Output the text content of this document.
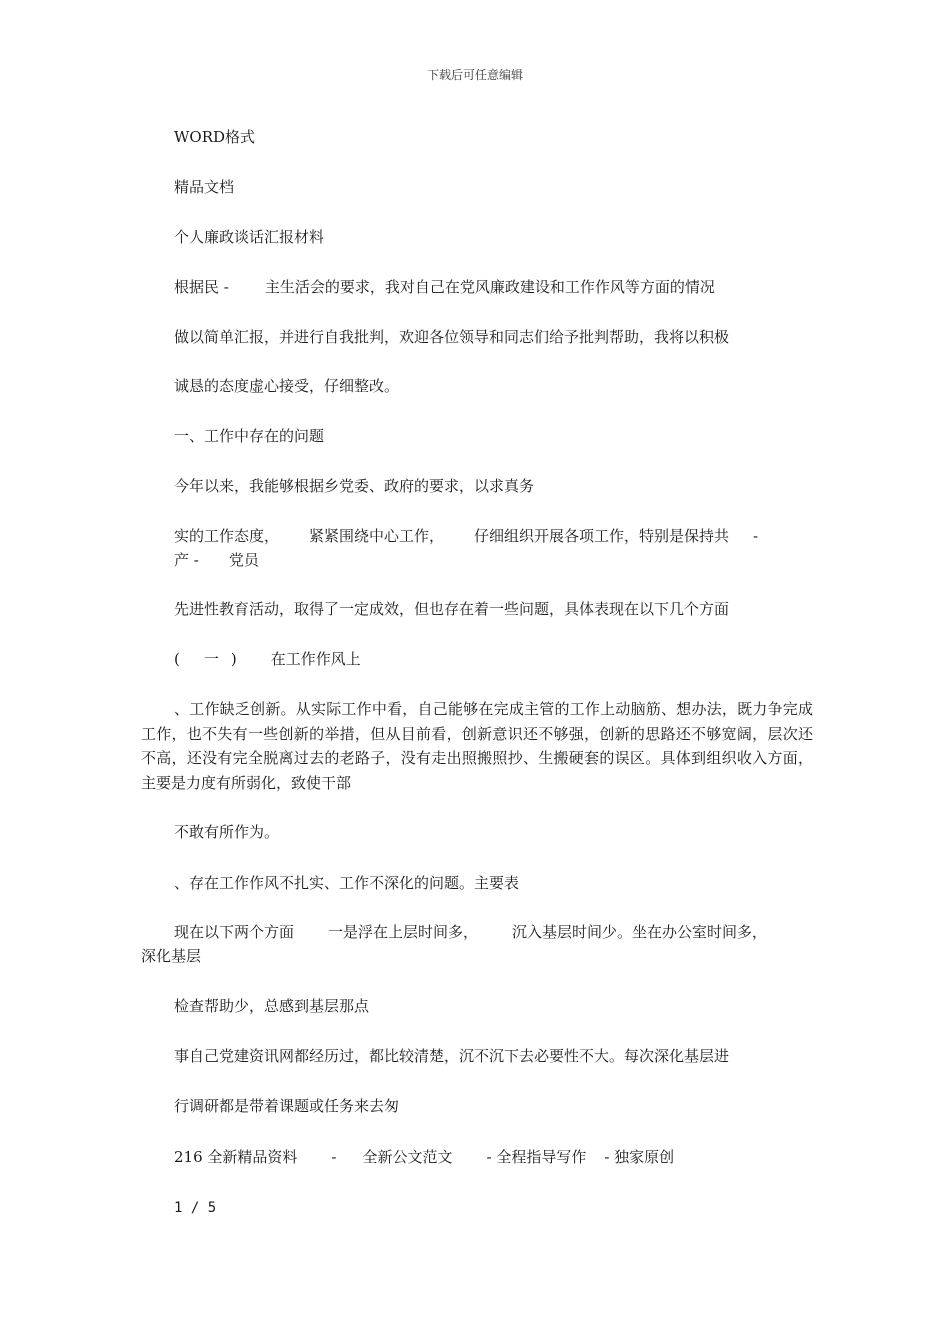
下载后可任意编辑
WORD格式
精品文档
个人廉政谈话汇报材料
根据民 - 主生活会的要求，我对自己在党风廉政建设和工作作风等方面的情况
做以简单汇报，并进行自我批判，欢迎各位领导和同志们给予批判帮助，我将以积极
诚恳的态度虚心接受，仔细整改。
一、工作中存在的问题
今年以来，我能够根据乡党委、政府的要求，以求真务
实的工作态度， 紧紧围绕中心工作， 仔细组织开展各项工作，特别是保持共 -
产 - 党员
先进性教育活动，取得了一定成效，但也存在着一些问题，具体表现在以下几个方面
( 一 ) 在工作作风上
、工作缺乏创新。从实际工作中看，自己能够在完成主管的工作上动脑筋、想办法，既力争完成工作，也不失有一些创新的举措，但从目前看，创新意识还不够强，创新的思路还不够宽阔，层次还不高，还没有完全脱离过去的老路子，没有走出照搬照抄、生搬硬套的误区。具体到组织收入方面，主要是力度有所弱化，致使干部
不敢有所作为。
、存在工作作风不扎实、工作不深化的问题。主要表
现在以下两个方面 一是浮在上层时间多， 沉入基层时间少。坐在办公室时间多，
深化基层
检查帮助少，总感到基层那点
事自己党建资讯网都经历过，都比较清楚，沉不沉下去必要性不大。每次深化基层进
行调研都是带着课题或任务来去匆
216 全新精品资料 - 全新公文范文 - 全程指导写作 - 独家原创
1 / 5
